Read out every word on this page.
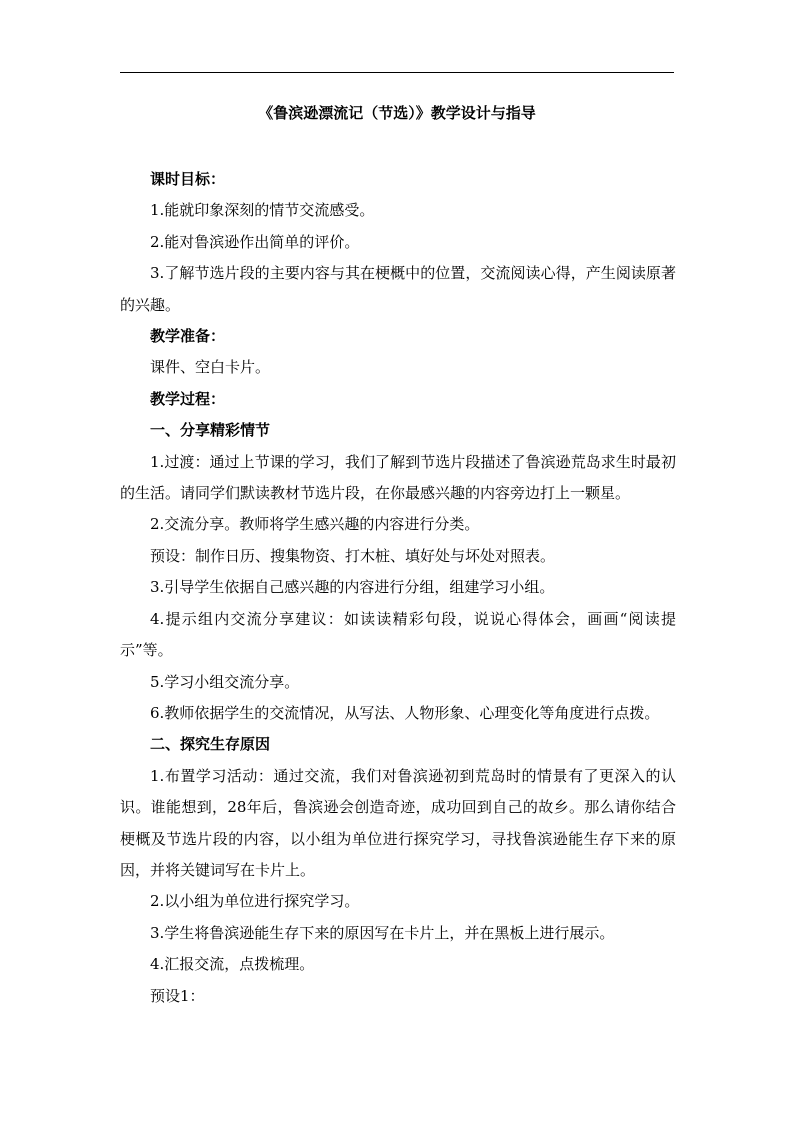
《鲁滨逊漂流记（节选）》教学设计与指导

课时目标：

1.能就印象深刻的情节交流感受。

2.能对鲁滨逊作出简单的评价。

3.了解节选片段的主要内容与其在梗概中的位置，交流阅读心得，产生阅读原著的兴趣。

教学准备：

课件、空白卡片。

教学过程：

一、分享精彩情节

1.过渡：通过上节课的学习，我们了解到节选片段描述了鲁滨逊荒岛求生时最初的生活。请同学们默读教材节选片段，在你最感兴趣的内容旁边打上一颗星。

2.交流分享。教师将学生感兴趣的内容进行分类。

预设：制作日历、搜集物资、打木桩、填好处与坏处对照表。

3.引导学生依据自己感兴趣的内容进行分组，组建学习小组。

4.提示组内交流分享建议：如读读精彩句段，说说心得体会，画画“阅读提示”等。

5.学习小组交流分享。

6.教师依据学生的交流情况，从写法、人物形象、心理变化等角度进行点拨。

二、探究生存原因

1.布置学习活动：通过交流，我们对鲁滨逊初到荒岛时的情景有了更深入的认识。谁能想到，28年后，鲁滨逊会创造奇迹，成功回到自己的故乡。那么请你结合梗概及节选片段的内容，以小组为单位进行探究学习，寻找鲁滨逊能生存下来的原因，并将关键词写在卡片上。

2.以小组为单位进行探究学习。

3.学生将鲁滨逊能生存下来的原因写在卡片上，并在黑板上进行展示。

4.汇报交流，点拨梳理。

预设1：
